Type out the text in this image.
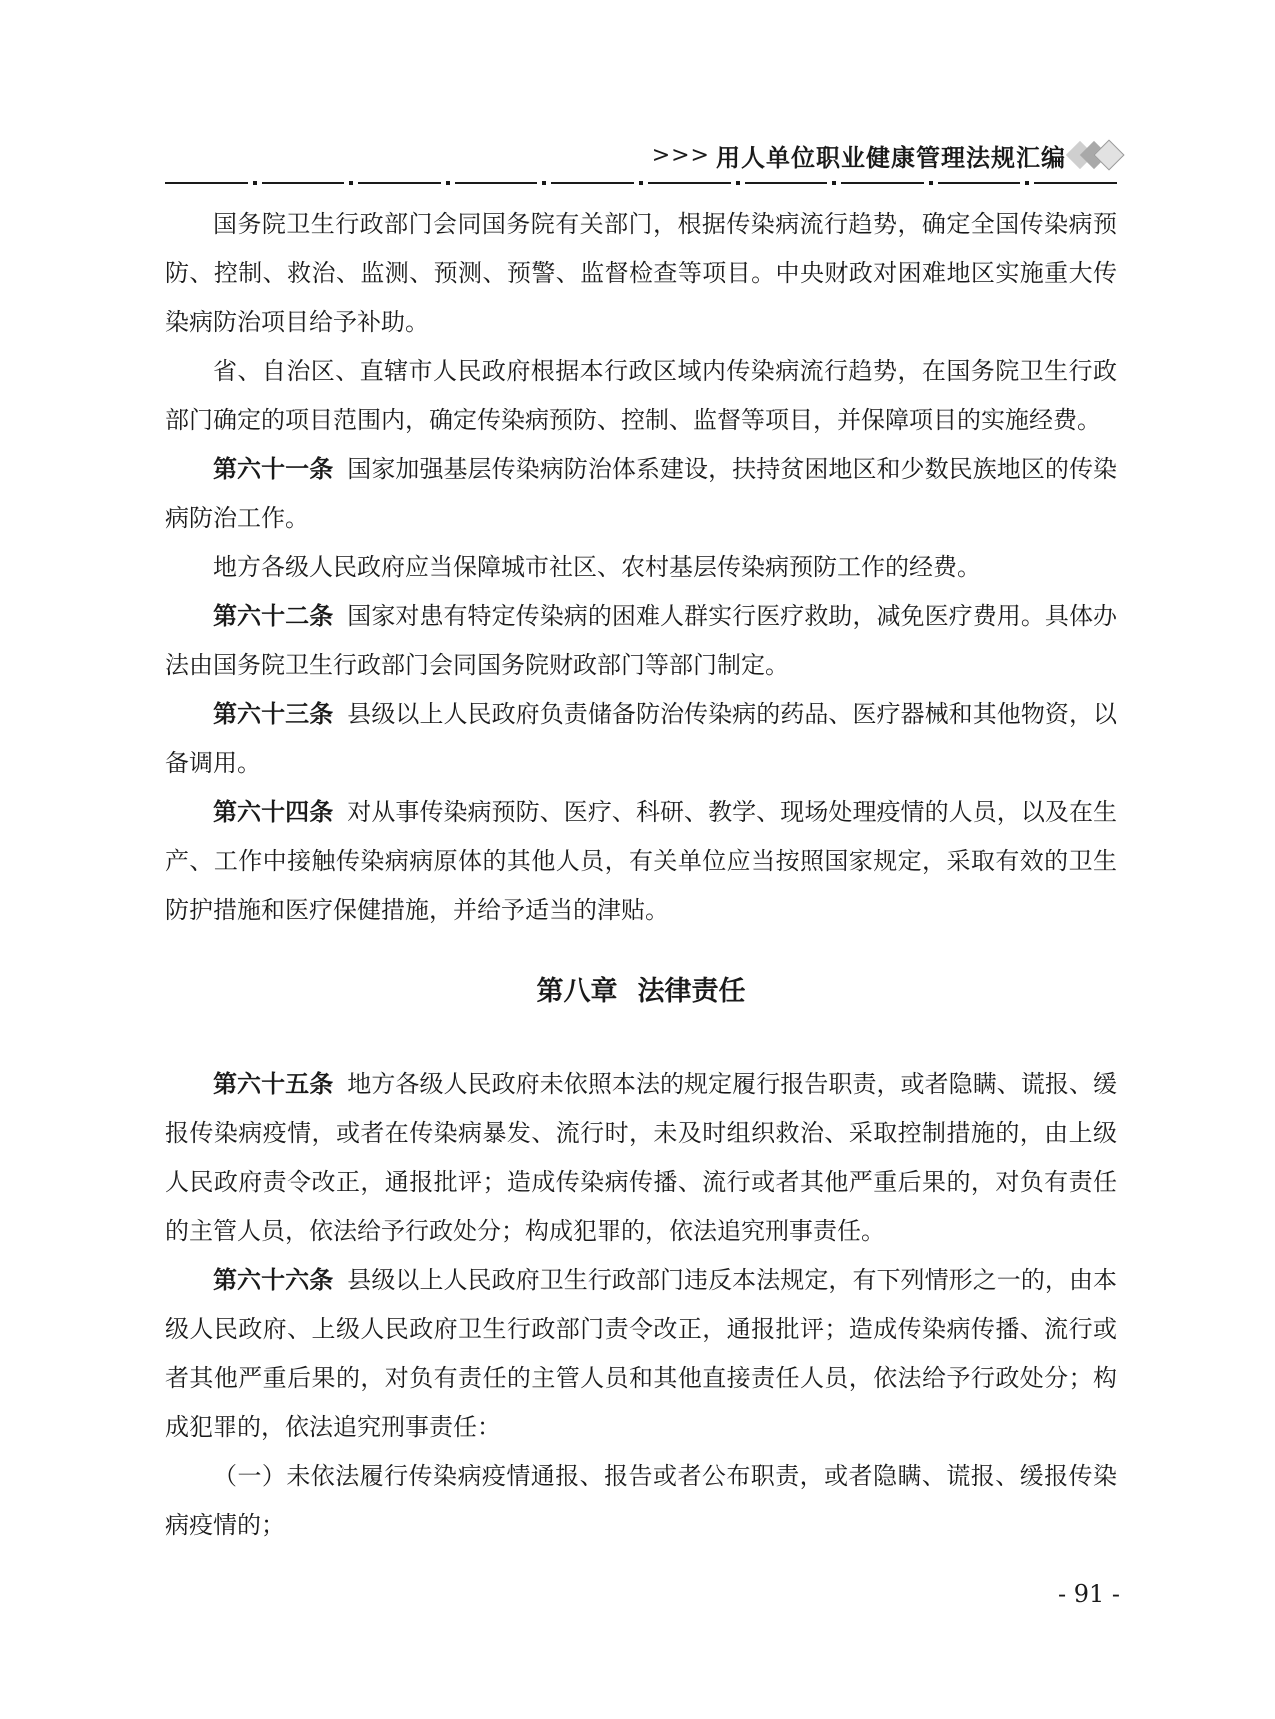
>>> 用人单位职业健康管理法规汇编

国务院卫生行政部门会同国务院有关部门，根据传染病流行趋势，确定全国传染病预防、控制、救治、监测、预测、预警、监督检查等项目。中央财政对困难地区实施重大传染病防治项目给予补助。

省、自治区、直辖市人民政府根据本行政区域内传染病流行趋势，在国务院卫生行政部门确定的项目范围内，确定传染病预防、控制、监督等项目，并保障项目的实施经费。

第六十一条 国家加强基层传染病防治体系建设，扶持贫困地区和少数民族地区的传染病防治工作。

地方各级人民政府应当保障城市社区、农村基层传染病预防工作的经费。

第六十二条 国家对患有特定传染病的困难人群实行医疗救助，减免医疗费用。具体办法由国务院卫生行政部门会同国务院财政部门等部门制定。

第六十三条 县级以上人民政府负责储备防治传染病的药品、医疗器械和其他物资，以备调用。

第六十四条 对从事传染病预防、医疗、科研、教学、现场处理疫情的人员，以及在生产、工作中接触传染病病原体的其他人员，有关单位应当按照国家规定，采取有效的卫生防护措施和医疗保健措施，并给予适当的津贴。

第八章 法律责任

第六十五条 地方各级人民政府未依照本法的规定履行报告职责，或者隐瞒、谎报、缓报传染病疫情，或者在传染病暴发、流行时，未及时组织救治、采取控制措施的，由上级人民政府责令改正，通报批评；造成传染病传播、流行或者其他严重后果的，对负有责任的主管人员，依法给予行政处分；构成犯罪的，依法追究刑事责任。

第六十六条 县级以上人民政府卫生行政部门违反本法规定，有下列情形之一的，由本级人民政府、上级人民政府卫生行政部门责令改正，通报批评；造成传染病传播、流行或者其他严重后果的，对负有责任的主管人员和其他直接责任人员，依法给予行政处分；构成犯罪的，依法追究刑事责任：

（一）未依法履行传染病疫情通报、报告或者公布职责，或者隐瞒、谎报、缓报传染病疫情的；

- 91 -
